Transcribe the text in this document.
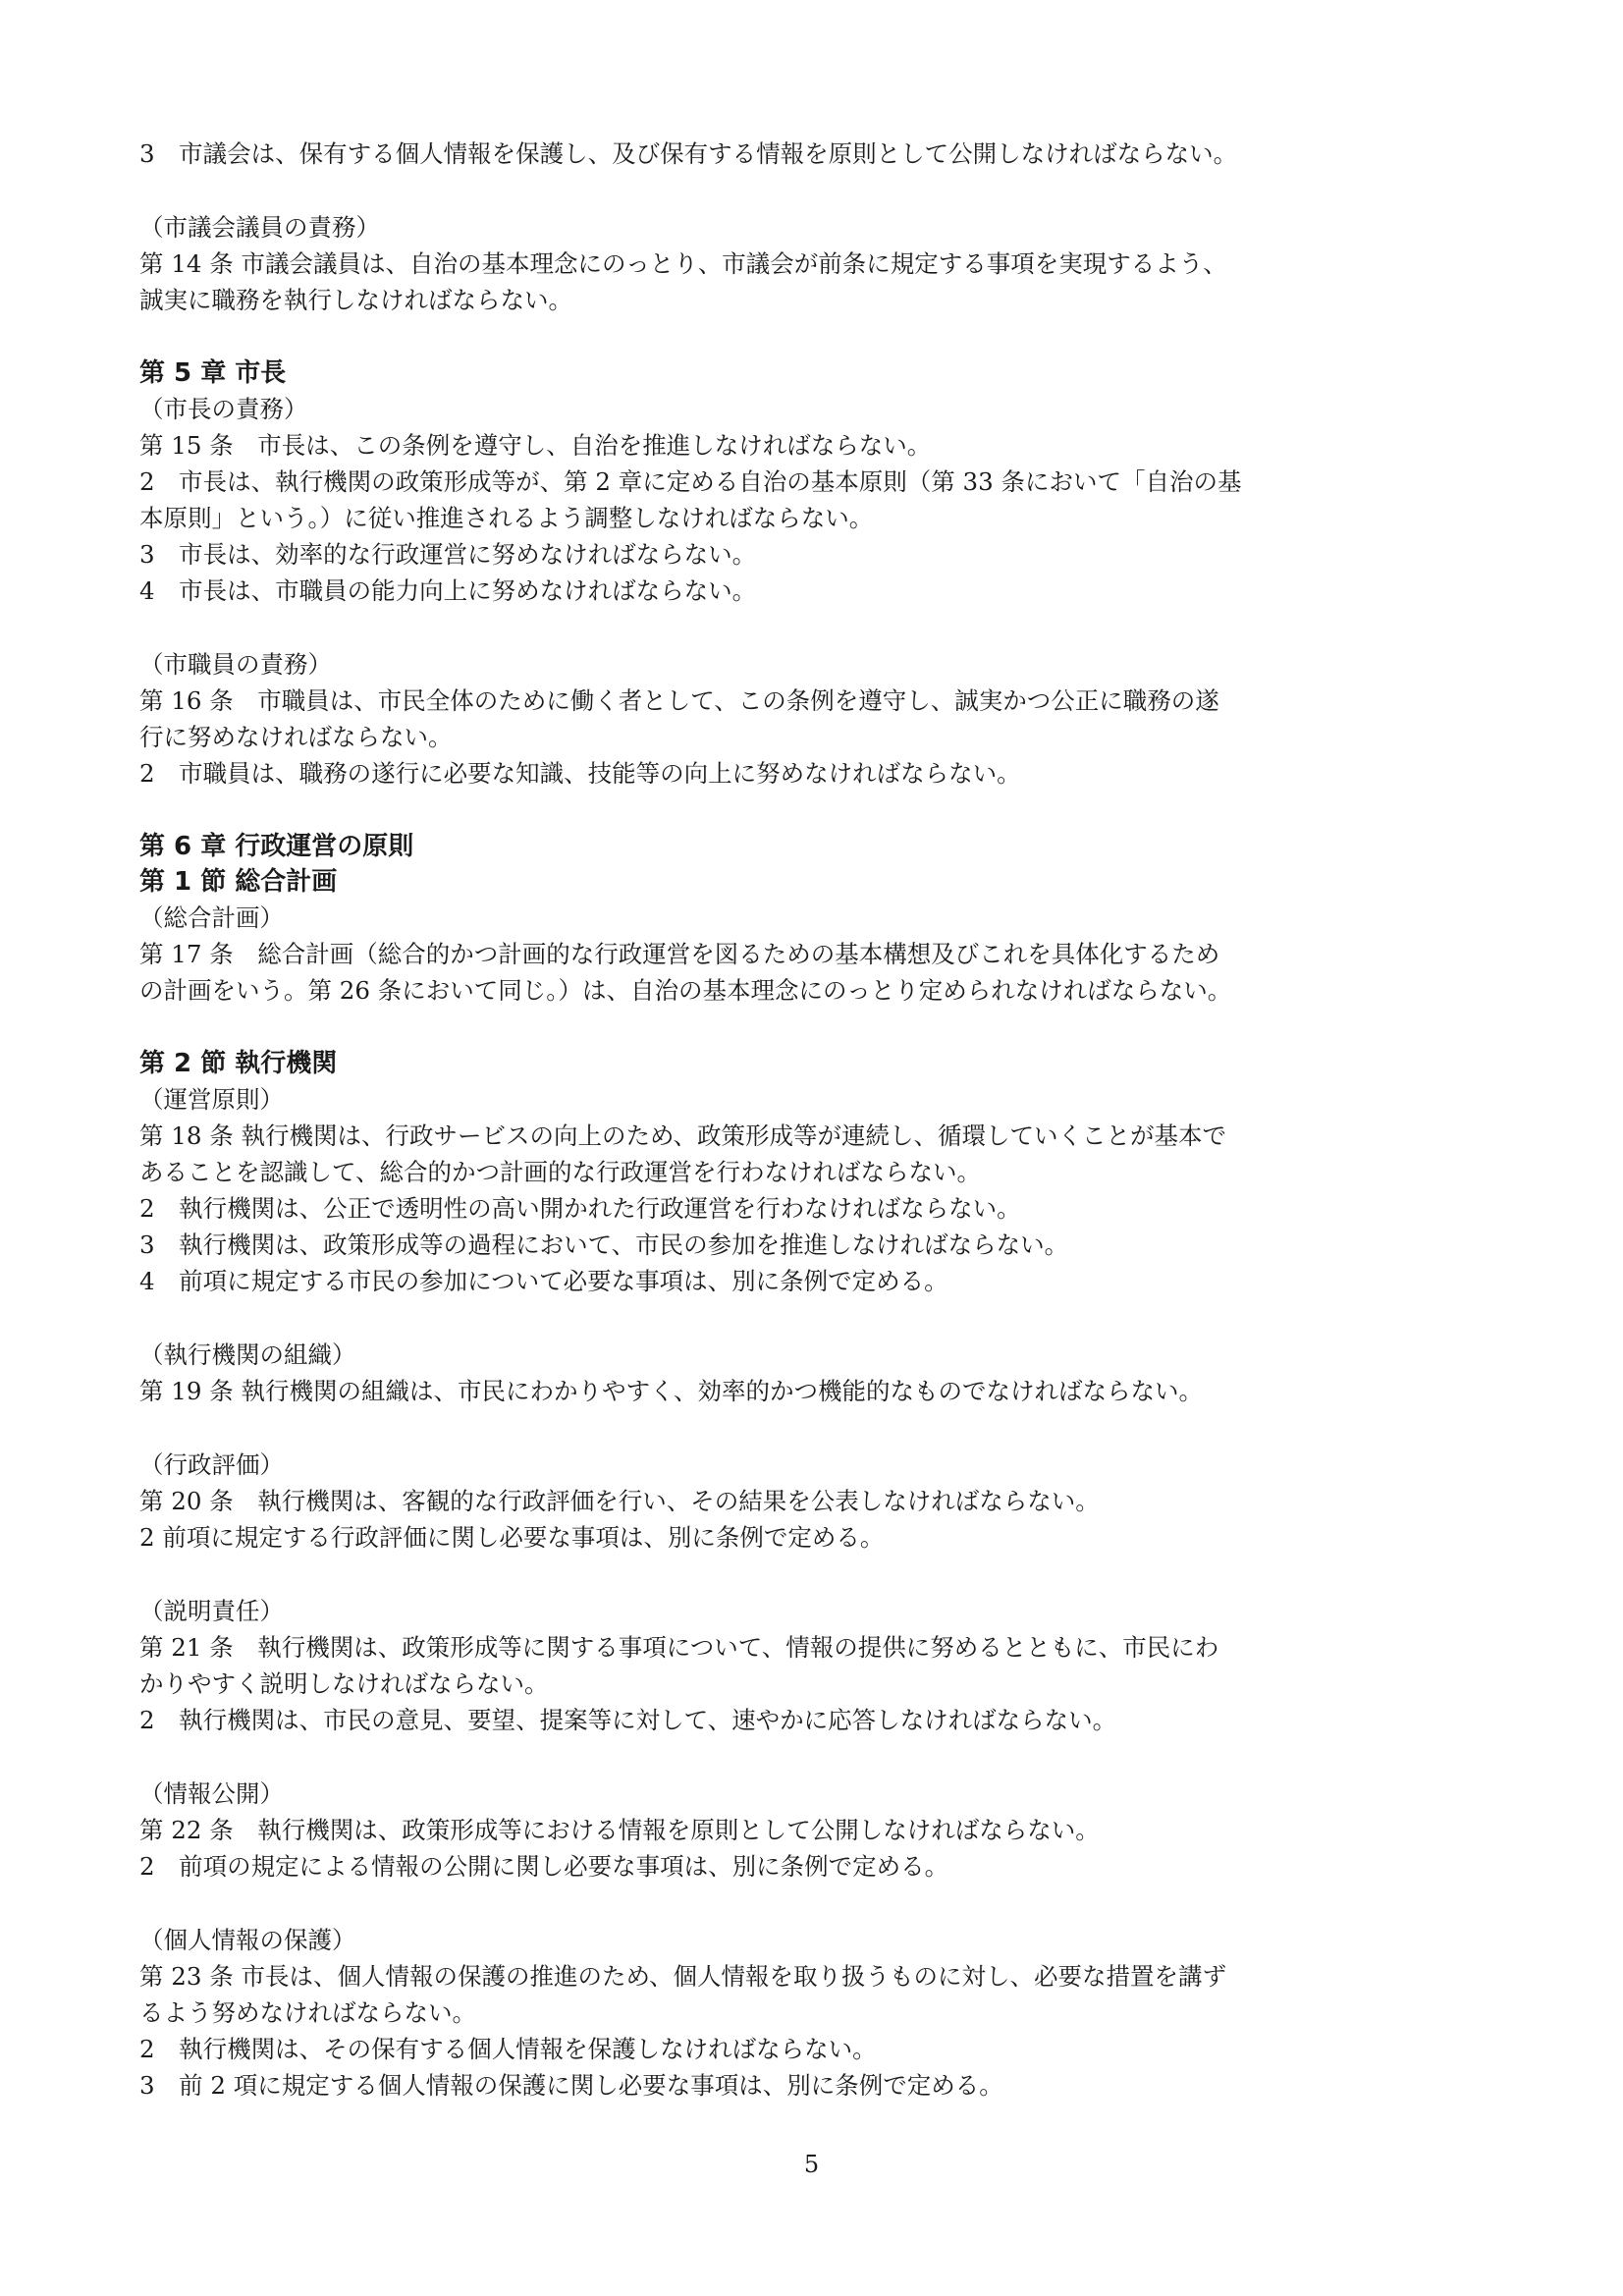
3　市議会は、保有する個人情報を保護し、及び保有する情報を原則として公開しなければならない。
（市議会議員の責務）
第 14 条 市議会議員は、自治の基本理念にのっとり、市議会が前条に規定する事項を実現するよう、
誠実に職務を執行しなければならない。
第 5 章 市長
（市長の責務）
第 15 条　市長は、この条例を遵守し、自治を推進しなければならない。
2　市長は、執行機関の政策形成等が、第 2 章に定める自治の基本原則（第 33 条において「自治の基
本原則」という。）に従い推進されるよう調整しなければならない。
3　市長は、効率的な行政運営に努めなければならない。
4　市長は、市職員の能力向上に努めなければならない。
（市職員の責務）
第 16 条　市職員は、市民全体のために働く者として、この条例を遵守し、誠実かつ公正に職務の遂
行に努めなければならない。
2　市職員は、職務の遂行に必要な知識、技能等の向上に努めなければならない。
第 6 章 行政運営の原則
第 1 節 総合計画
（総合計画）
第 17 条　総合計画（総合的かつ計画的な行政運営を図るための基本構想及びこれを具体化するため
の計画をいう。第 26 条において同じ。）は、自治の基本理念にのっとり定められなければならない。
第 2 節 執行機関
（運営原則）
第 18 条 執行機関は、行政サービスの向上のため、政策形成等が連続し、循環していくことが基本で
あることを認識して、総合的かつ計画的な行政運営を行わなければならない。
2　執行機関は、公正で透明性の高い開かれた行政運営を行わなければならない。
3　執行機関は、政策形成等の過程において、市民の参加を推進しなければならない。
4　前項に規定する市民の参加について必要な事項は、別に条例で定める。
（執行機関の組織）
第 19 条 執行機関の組織は、市民にわかりやすく、効率的かつ機能的なものでなければならない。
（行政評価）
第 20 条　執行機関は、客観的な行政評価を行い、その結果を公表しなければならない。
2 前項に規定する行政評価に関し必要な事項は、別に条例で定める。
（説明責任）
第 21 条　執行機関は、政策形成等に関する事項について、情報の提供に努めるとともに、市民にわ
かりやすく説明しなければならない。
2　執行機関は、市民の意見、要望、提案等に対して、速やかに応答しなければならない。
（情報公開）
第 22 条　執行機関は、政策形成等における情報を原則として公開しなければならない。
2　前項の規定による情報の公開に関し必要な事項は、別に条例で定める。
（個人情報の保護）
第 23 条 市長は、個人情報の保護の推進のため、個人情報を取り扱うものに対し、必要な措置を講ず
るよう努めなければならない。
2　執行機関は、その保有する個人情報を保護しなければならない。
3　前 2 項に規定する個人情報の保護に関し必要な事項は、別に条例で定める。
5
